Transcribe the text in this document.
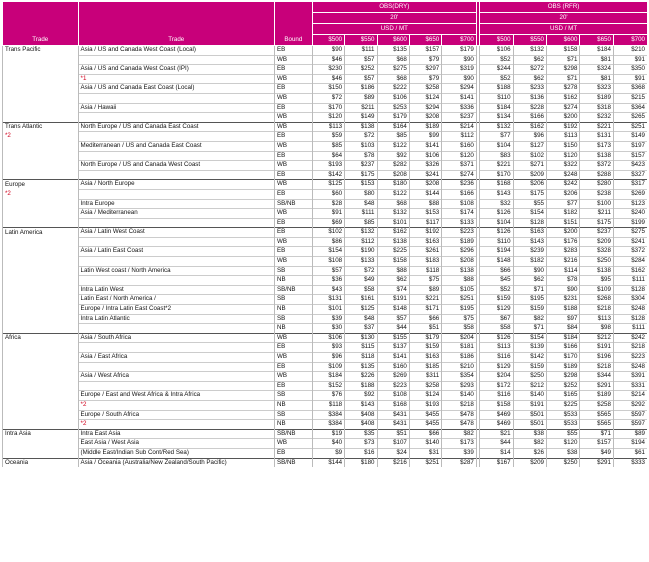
Trade	Trade	Bound	OBS(DRY)						OBS (RFR)				
			20'						20'				
			USD / MT						USD / MT				
			$500	$550	$600	$650	$700		$500	$550	$600	$650	$700
Trans Pacific	Asia / US and Canada West Coast (Local)	EB	$90	$111	$135	$157	$179		$106	$132	$158	$184	$210
		WB	$46	$57	$68	$79	$90		$52	$62	$71	$81	$91
	Asia / US and Canada West Coast (IPI)	EB	$230	$252	$275	$297	$319		$244	$272	$298	$324	$350
	*1	WB	$46	$57	$68	$79	$90		$52	$62	$71	$81	$91
	Asia / US and Canada East Coast (Local)	EB	$150	$186	$222	$258	$294		$188	$233	$278	$323	$368
		WB	$72	$89	$106	$124	$141		$110	$136	$162	$189	$215
	Asia / Hawaii	EB	$170	$211	$253	$294	$336		$184	$228	$274	$318	$364
		WB	$120	$149	$179	$208	$237		$134	$166	$200	$232	$265
Trans Atlantic	North Europe / US and Canada East Coast	WB	$113	$138	$164	$189	$214		$132	$162	$192	$221	$251
*2		EB	$59	$72	$85	$99	$112		$77	$96	$113	$131	$149
	Mediterranean / US and Canada East Coast	WB	$85	$103	$122	$141	$160		$104	$127	$150	$173	$197
		EB	$64	$78	$92	$106	$120		$83	$102	$120	$138	$157
	North Europe / US and Canada West Coast	WB	$193	$237	$282	$326	$371		$221	$271	$322	$372	$423
		EB	$142	$175	$208	$241	$274		$170	$209	$248	$288	$327
Europe	Asia / North Europe	WB	$125	$153	$180	$208	$236		$168	$206	$242	$280	$317
*2		EB	$60	$80	$122	$144	$166		$143	$175	$206	$238	$269
	Intra Europe	SB/NB	$28	$48	$68	$88	$108		$32	$55	$77	$100	$123
	Asia / Mediterranean	WB	$91	$111	$132	$153	$174		$126	$154	$182	$211	$240
		EB	$69	$85	$101	$117	$133		$104	$128	$151	$175	$199
Latin America	Asia / Latin West Coast	EB	$102	$132	$162	$192	$223		$126	$163	$200	$237	$275
		WB	$86	$112	$138	$163	$189		$110	$143	$176	$209	$241
	Asia / Latin East Coast	EB	$154	$190	$225	$261	$296		$194	$239	$283	$328	$372
		WB	$108	$133	$158	$183	$208		$148	$182	$216	$250	$284
	Latin West coast / North America	SB	$57	$72	$88	$118	$138		$66	$90	$114	$138	$162
		NB	$36	$49	$62	$75	$88		$45	$62	$78	$95	$111
	Intra Latin West	SB/NB	$43	$58	$74	$89	$105		$52	$71	$90	$109	$128
	Latin East / North America /	SB	$131	$161	$191	$221	$251		$159	$195	$231	$268	$304
	Europe / Intra Latin East Coast*2	NB	$101	$125	$148	$171	$195		$129	$159	$188	$218	$248
	Intra Latin Atlantic	SB	$39	$48	$57	$66	$75		$67	$82	$97	$113	$128
		NB	$30	$37	$44	$51	$58		$58	$71	$84	$98	$111
Africa	Asia / South Africa	WB	$106	$130	$155	$179	$204		$126	$154	$184	$212	$242
		EB	$93	$115	$137	$159	$181		$113	$139	$166	$191	$218
	Asia / East Africa	WB	$96	$118	$141	$163	$186		$116	$142	$170	$196	$223
		EB	$109	$135	$160	$185	$210		$129	$159	$189	$218	$248
	Asia / West Africa	WB	$184	$226	$269	$311	$354		$204	$250	$298	$344	$391
		EB	$152	$188	$223	$258	$293		$172	$212	$252	$291	$331
	Europe / East and West Africa & Intra Africa	SB	$76	$92	$108	$124	$140		$116	$140	$165	$189	$214
	*2	NB	$118	$143	$168	$193	$218		$158	$191	$225	$258	$292
	Europe / South Africa	SB	$384	$408	$431	$455	$478		$469	$501	$533	$565	$597
	*2	NB	$384	$408	$431	$455	$478		$469	$501	$533	$565	$597
Intra Asia	Intra East Asia	SB/NB	$19	$35	$51	$66	$82		$21	$38	$55	$71	$89
	East Asia / West Asia	WB	$40	$73	$107	$140	$173		$44	$82	$120	$157	$194
	(Middle East/Indian Sub Cont/Red Sea)	EB	$9	$16	$24	$31	$39		$14	$26	$38	$49	$61
Oceania	Asia / Oceania (Australia/New Zealand/South Pacific)	SB/NB	$144	$180	$216	$251	$287		$167	$209	$250	$291	$333
